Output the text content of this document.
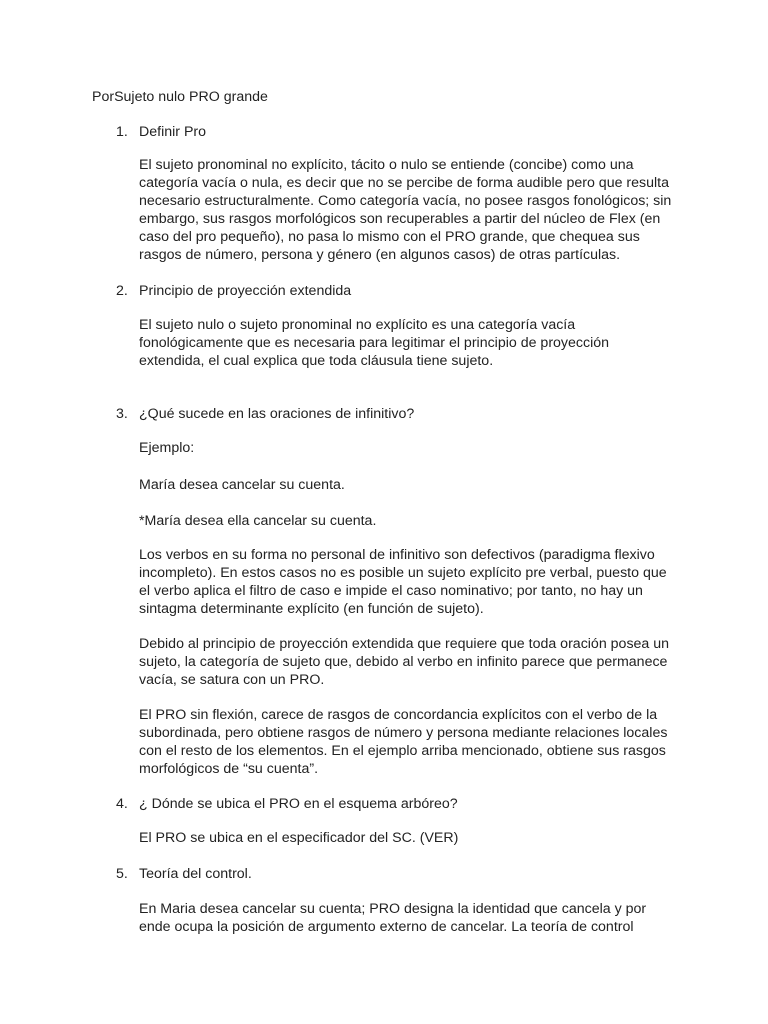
PorSujeto nulo PRO grande
1. Definir Pro
El sujeto pronominal no explícito, tácito o nulo se entiende (concibe) como una
categoría vacía o nula, es decir que no se percibe de forma audible pero que resulta
necesario estructuralmente. Como categoría vacía, no posee rasgos fonológicos; sin
embargo, sus rasgos morfológicos son recuperables a partir del núcleo de Flex (en
caso del pro pequeño), no pasa lo mismo con el PRO grande, que chequea sus
rasgos de número, persona y género (en algunos casos) de otras partículas.
2. Principio de proyección extendida
El sujeto nulo o sujeto pronominal no explícito es una categoría vacía
fonológicamente que es necesaria para legitimar el principio de proyección
extendida, el cual explica que toda cláusula tiene sujeto.
3. ¿Qué sucede en las oraciones de infinitivo?
Ejemplo:
María desea cancelar su cuenta.
*María desea ella cancelar su cuenta.
Los verbos en su forma no personal de infinitivo son defectivos (paradigma flexivo
incompleto). En estos casos no es posible un sujeto explícito pre verbal, puesto que
el verbo aplica el filtro de caso e impide el caso nominativo; por tanto, no hay un
sintagma determinante explícito (en función de sujeto).
Debido al principio de proyección extendida que requiere que toda oración posea un
sujeto, la categoría de sujeto que, debido al verbo en infinito parece que permanece
vacía, se satura con un PRO.
El PRO sin flexión, carece de rasgos de concordancia explícitos con el verbo de la
subordinada, pero obtiene rasgos de número y persona mediante relaciones locales
con el resto de los elementos. En el ejemplo arriba mencionado, obtiene sus rasgos
morfológicos de “su cuenta”.
4. ¿ Dónde se ubica el PRO en el esquema arbóreo?
El PRO se ubica en el especificador del SC. (VER)
5. Teoría del control.
En Maria desea cancelar su cuenta; PRO designa la identidad que cancela y por
ende ocupa la posición de argumento externo de cancelar. La teoría de control
